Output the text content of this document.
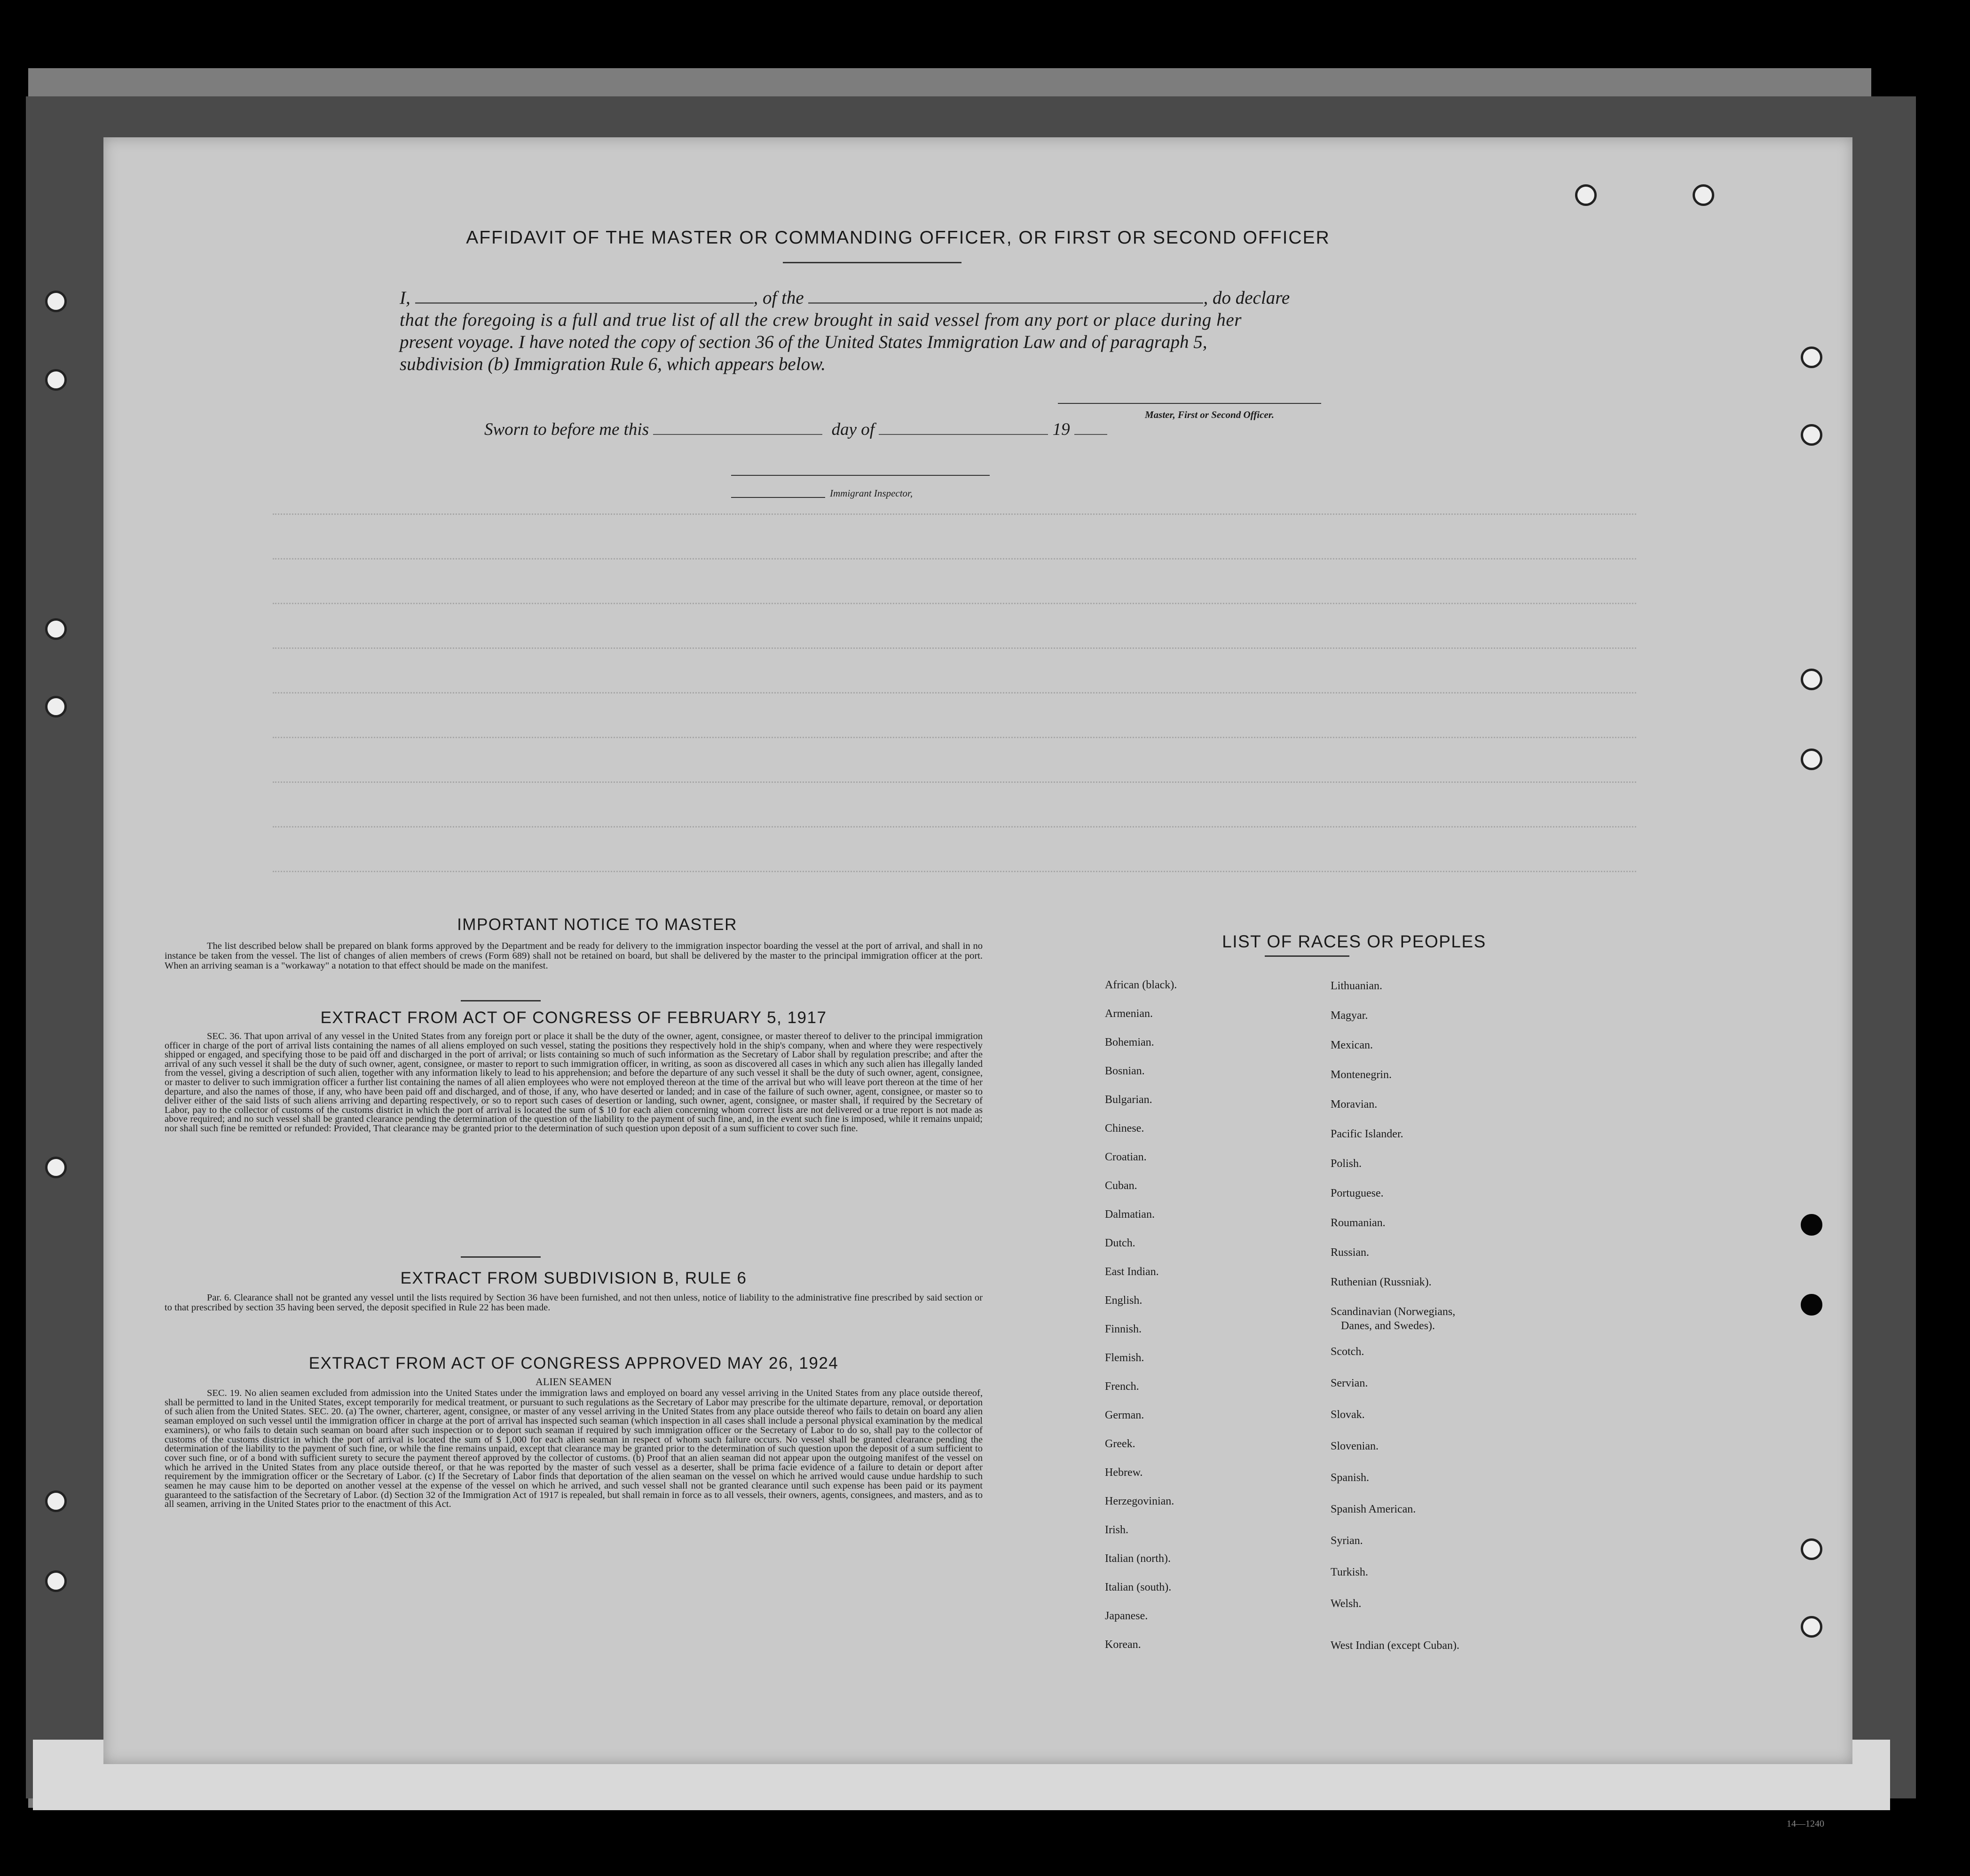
14—1240
AFFIDAVIT OF THE MASTER OR COMMANDING OFFICER, OR FIRST OR SECOND OFFICER
I,	, of the	, do declare
that the foregoing is a full and true list of all the crew brought in said vessel from any port or place during her
present voyage. I have noted the copy of section 36 of the United States Immigration Law and of paragraph 5,
subdivision (b) Immigration Rule 6, which appears below.
Master, First or Second Officer.
Sworn to before me this	day of	19
Immigrant Inspector,
IMPORTANT NOTICE TO MASTER
The list described below shall be prepared on blank forms approved by the Department and be ready for delivery to the immigration inspector boarding the vessel at the port of arrival, and shall in no instance be taken from the vessel. The list of changes of alien members of crews (Form 689) shall not be retained on board, but shall be delivered by the master to the principal immigration officer at the port. When an arriving seaman is a "workaway" a notation to that effect should be made on the manifest.
EXTRACT FROM ACT OF CONGRESS OF FEBRUARY 5, 1917
SEC. 36. That upon arrival of any vessel in the United States from any foreign port or place it shall be the duty of the owner, agent, consignee, or master thereof to deliver to the principal immigration officer in charge of the port of arrival lists containing the names of all aliens employed on such vessel, stating the positions they respectively hold in the ship's company, when and where they were respectively shipped or engaged, and specifying those to be paid off and discharged in the port of arrival; or lists containing so much of such information as the Secretary of Labor shall by regulation prescribe; and after the arrival of any such vessel it shall be the duty of such owner, agent, consignee, or master to report to such immigration officer, in writing, as soon as discovered all cases in which any such alien has illegally landed from the vessel, giving a description of such alien, together with any information likely to lead to his apprehension; and before the departure of any such vessel it shall be the duty of such owner, agent, consignee, or master to deliver to such immigration officer a further list containing the names of all alien employees who were not employed thereon at the time of the arrival but who will leave port thereon at the time of her departure, and also the names of those, if any, who have been paid off and discharged, and of those, if any, who have deserted or landed; and in case of the failure of such owner, agent, consignee, or master so to deliver either of the said lists of such aliens arriving and departing respectively, or so to report such cases of desertion or landing, such owner, agent, consignee, or master shall, if required by the Secretary of Labor, pay to the collector of customs of the customs district in which the port of arrival is located the sum of $ 10 for each alien concerning whom correct lists are not delivered or a true report is not made as above required; and no such vessel shall be granted clearance pending the determination of the question of the liability to the payment of such fine, and, in the event such fine is imposed, while it remains unpaid; nor shall such fine be remitted or refunded: Provided, That clearance may be granted prior to the determination of such question upon deposit of a sum sufficient to cover such fine.
EXTRACT FROM SUBDIVISION B, RULE 6
Par. 6. Clearance shall not be granted any vessel until the lists required by Section 36 have been furnished, and not then unless, notice of liability to the administrative fine prescribed by said section or to that prescribed by section 35 having been served, the deposit specified in Rule 22 has been made.
EXTRACT FROM ACT OF CONGRESS APPROVED MAY 26, 1924
ALIEN SEAMEN
SEC. 19. No alien seamen excluded from admission into the United States under the immigration laws and employed on board any vessel arriving in the United States from any place outside thereof, shall be permitted to land in the United States, except temporarily for medical treatment, or pursuant to such regulations as the Secretary of Labor may prescribe for the ultimate departure, removal, or deportation of such alien from the United States. SEC. 20. (a) The owner, charterer, agent, consignee, or master of any vessel arriving in the United States from any place outside thereof who fails to detain on board any alien seaman employed on such vessel until the immigration officer in charge at the port of arrival has inspected such seaman (which inspection in all cases shall include a personal physical examination by the medical examiners), or who fails to detain such seaman on board after such inspection or to deport such seaman if required by such immigration officer or the Secretary of Labor to do so, shall pay to the collector of customs of the customs district in which the port of arrival is located the sum of $ 1,000 for each alien seaman in respect of whom such failure occurs. No vessel shall be granted clearance pending the determination of the liability to the payment of such fine, or while the fine remains unpaid, except that clearance may be granted prior to the determination of such question upon the deposit of a sum sufficient to cover such fine, or of a bond with sufficient surety to secure the payment thereof approved by the collector of customs. (b) Proof that an alien seaman did not appear upon the outgoing manifest of the vessel on which he arrived in the United States from any place outside thereof, or that he was reported by the master of such vessel as a deserter, shall be prima facie evidence of a failure to detain or deport after requirement by the immigration officer or the Secretary of Labor. (c) If the Secretary of Labor finds that deportation of the alien seaman on the vessel on which he arrived would cause undue hardship to such seamen he may cause him to be deported on another vessel at the expense of the vessel on which he arrived, and such vessel shall not be granted clearance until such expense has been paid or its payment guaranteed to the satisfaction of the Secretary of Labor. (d) Section 32 of the Immigration Act of 1917 is repealed, but shall remain in force as to all vessels, their owners, agents, consignees, and masters, and as to all seamen, arriving in the United States prior to the enactment of this Act.
LIST OF RACES OR PEOPLES
African (black).
Armenian.
Bohemian.
Bosnian.
Bulgarian.
Chinese.
Croatian.
Cuban.
Dalmatian.
Dutch.
East Indian.
English.
Finnish.
Flemish.
French.
German.
Greek.
Hebrew.
Herzegovinian.
Irish.
Italian (north).
Italian (south).
Japanese.
Korean.
Lithuanian.
Magyar.
Mexican.
Montenegrin.
Moravian.
Pacific Islander.
Polish.
Portuguese.
Roumanian.
Russian.
Ruthenian (Russniak).
Scandinavian (Norwegians,
Danes, and Swedes).
Scotch.
Servian.
Slovak.
Slovenian.
Spanish.
Spanish American.
Syrian.
Turkish.
Welsh.
West Indian (except Cuban).
